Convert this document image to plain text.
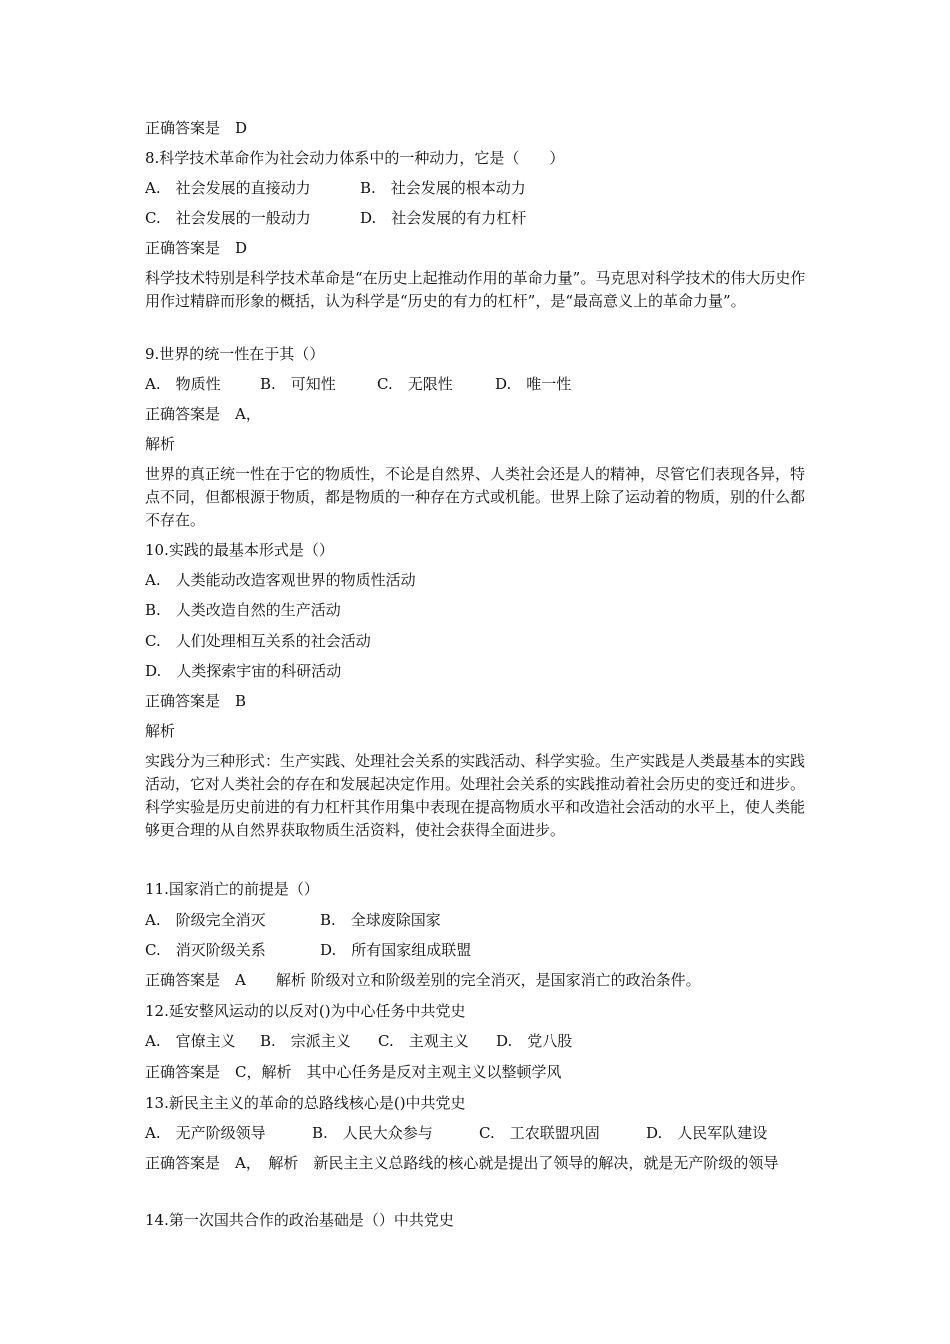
正确答案是　D
8.科学技术革命作为社会动力体系中的一种动力，它是（　　）
A.　社会发展的直接动力	B.　社会发展的根本动力
C.　社会发展的一般动力	D.　社会发展的有力杠杆
正确答案是　D
科学技术特别是科学技术革命是“在历史上起推动作用的革命力量”。马克思对科学技术的伟大历史作用作过精辟而形象的概括，认为科学是“历史的有力的杠杆”，是“最高意义上的革命力量”。
9.世界的统一性在于其（）
A.　物质性	B.　可知性	C.　无限性	D.　唯一性
正确答案是　A，
解析
世界的真正统一性在于它的物质性，不论是自然界、人类社会还是人的精神，尽管它们表现各异，特点不同，但都根源于物质，都是物质的一种存在方式或机能。世界上除了运动着的物质，别的什么都不存在。
10.实践的最基本形式是（）
A.　人类能动改造客观世界的物质性活动
B.　人类改造自然的生产活动
C.　人们处理相互关系的社会活动
D.　人类探索宇宙的科研活动
正确答案是　B
解析
实践分为三种形式：生产实践、处理社会关系的实践活动、科学实验。生产实践是人类最基本的实践活动，它对人类社会的存在和发展起决定作用。处理社会关系的实践推动着社会历史的变迁和进步。科学实验是历史前进的有力杠杆其作用集中表现在提高物质水平和改造社会活动的水平上，使人类能够更合理的从自然界获取物质生活资料，使社会获得全面进步。
11.国家消亡的前提是（）
A.　阶级完全消灭	B.　全球废除国家
C.　消灭阶级关系	D.　所有国家组成联盟
正确答案是　A　　解析 阶级对立和阶级差别的完全消灭，是国家消亡的政治条件。
12.延安整风运动的以反对()为中心任务中共党史
A.　官僚主义 B.　宗派主义 C.　主观主义 D.　党八股
正确答案是　C，解析　其中心任务是反对主观主义以整顿学风
13.新民主主义的革命的总路线核心是()中共党史
A.　无产阶级领导	B.　人民大众参与	C.　工农联盟巩固	D.　人民军队建设
正确答案是　A，　解析　新民主主义总路线的核心就是提出了领导的解决，就是无产阶级的领导
14.第一次国共合作的政治基础是（）中共党史
